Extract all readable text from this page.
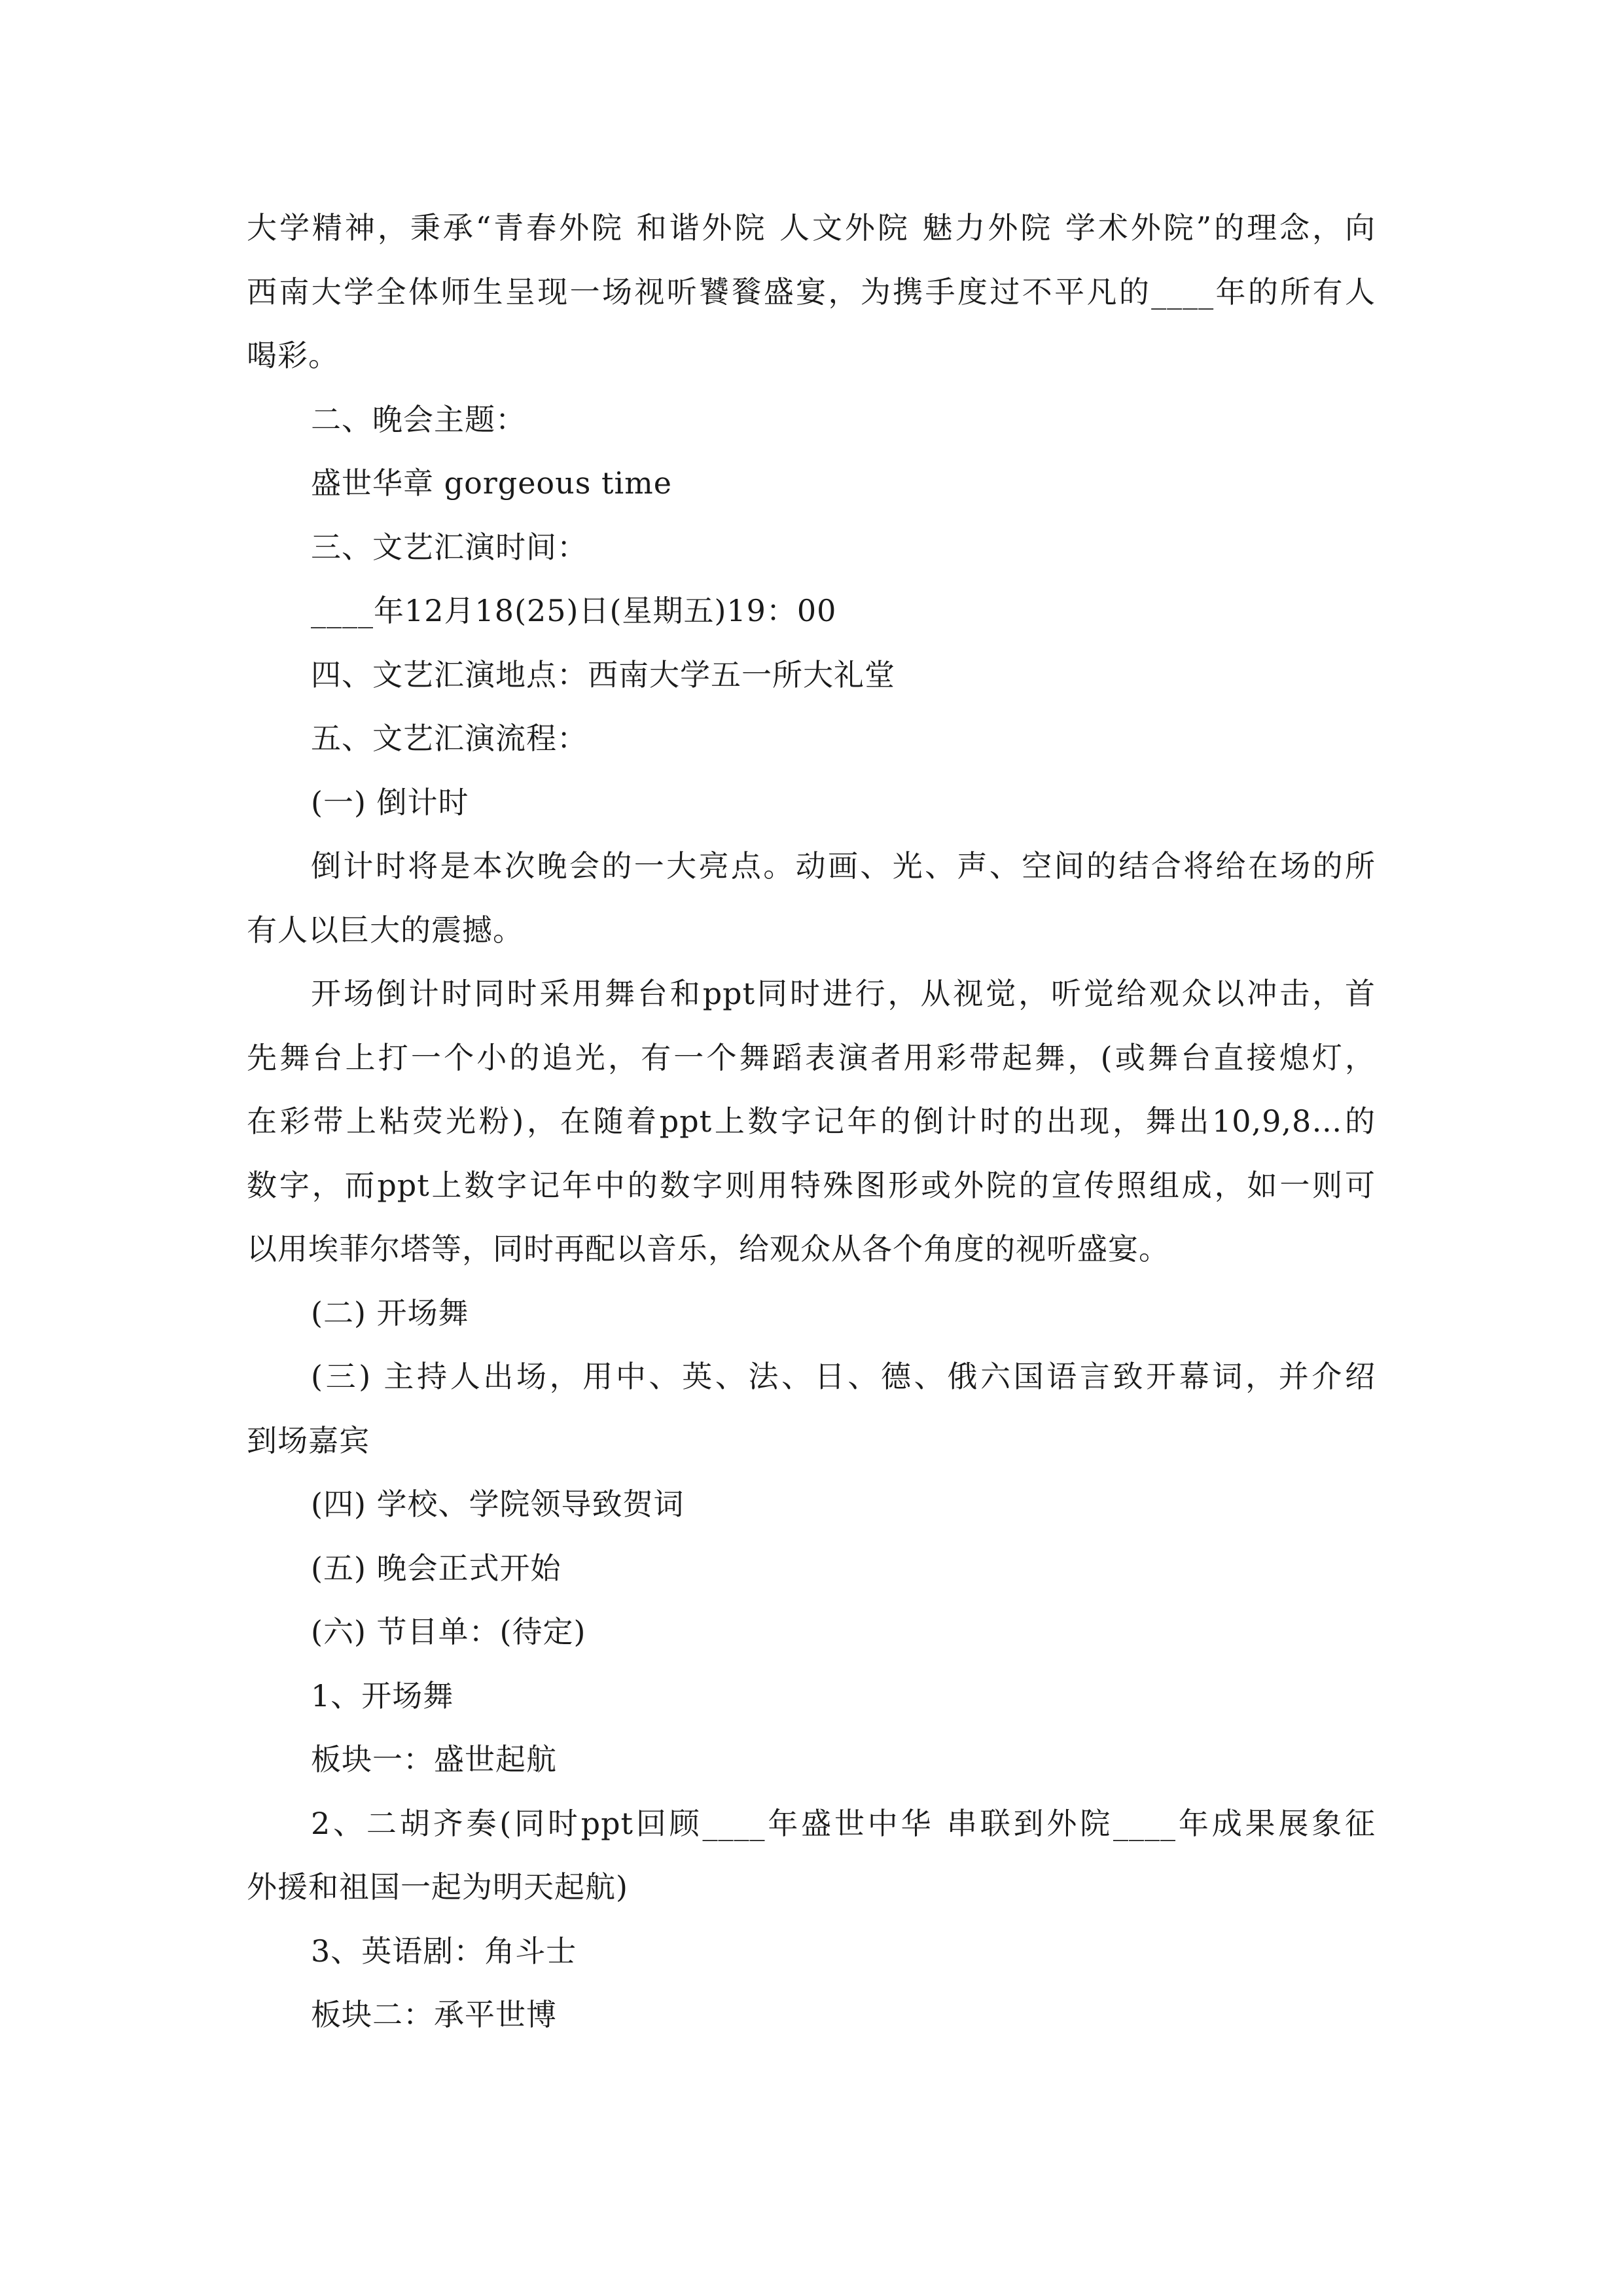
大学精神，秉承“青春外院 和谐外院 人文外院 魅力外院 学术外院”的理念，向
西南大学全体师生呈现一场视听饕餮盛宴，为携手度过不平凡的____年的所有人
喝彩。
二、晚会主题：
盛世华章 gorgeous time
三、文艺汇演时间：
____年12月18(25)日(星期五)19：00
四、文艺汇演地点：西南大学五一所大礼堂
五、文艺汇演流程：
(一) 倒计时
倒计时将是本次晚会的一大亮点。动画、光、声、空间的结合将给在场的所
有人以巨大的震撼。
开场倒计时同时采用舞台和ppt同时进行，从视觉，听觉给观众以冲击，首
先舞台上打一个小的追光，有一个舞蹈表演者用彩带起舞，(或舞台直接熄灯，
在彩带上粘荧光粉)，在随着ppt上数字记年的倒计时的出现，舞出10,9,8…的
数字，而ppt上数字记年中的数字则用特殊图形或外院的宣传照组成，如一则可
以用埃菲尔塔等，同时再配以音乐，给观众从各个角度的视听盛宴。
(二) 开场舞
(三) 主持人出场，用中、英、法、日、德、俄六国语言致开幕词，并介绍
到场嘉宾
(四) 学校、学院领导致贺词
(五) 晚会正式开始
(六) 节目单：(待定)
1、开场舞
板块一：盛世起航
2、二胡齐奏(同时ppt回顾____年盛世中华 串联到外院____年成果展象征
外援和祖国一起为明天起航)
3、英语剧：角斗士
板块二：承平世博
